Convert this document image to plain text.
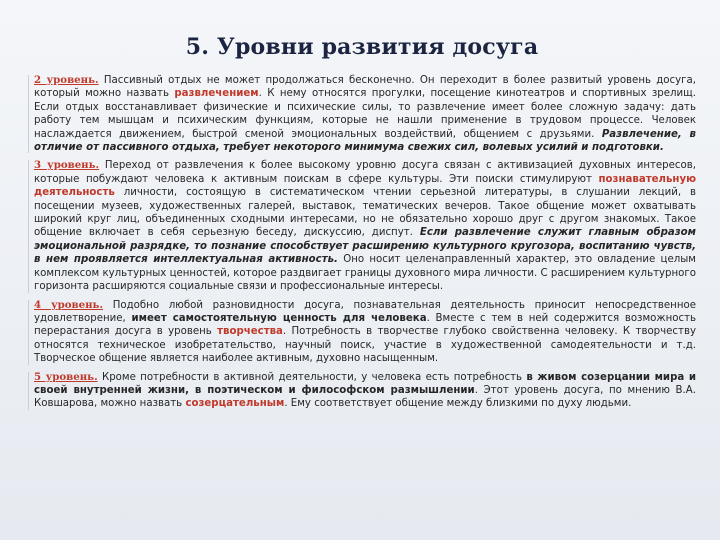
5. Уровни развития досуга

2 уровень. Пассивный отдых не может продолжаться бесконечно. Он переходит в более развитый уровень досуга, который можно назвать развлечением. К нему относятся прогулки, посещение кинотеатров и спортивных зрелищ. Если отдых восстанавливает физические и психические силы, то развлечение имеет более сложную задачу: дать работу тем мышцам и психическим функциям, которые не нашли применение в трудовом процессе. Человек наслаждается движением, быстрой сменой эмоциональных воздействий, общением с друзьями. Развлечение, в отличие от пассивного отдыха, требует некоторого минимума свежих сил, волевых усилий и подготовки.

3 уровень. Переход от развлечения к более высокому уровню досуга связан с активизацией духовных интересов, которые побуждают человека к активным поискам в сфере культуры. Эти поиски стимулируют познавательную деятельность личности, состоящую в систематическом чтении серьезной литературы, в слушании лекций, в посещении музеев, художественных галерей, выставок, тематических вечеров. Такое общение может охватывать широкий круг лиц, объединенных сходными интересами, но не обязательно хорошо друг с другом знакомых. Такое общение включает в себя серьезную беседу, дискуссию, диспут. Если развлечение служит главным образом эмоциональной разрядке, то познание способствует расширению культурного кругозора, воспитанию чувств, в нем проявляется интеллектуальная активность. Оно носит целенаправленный характер, это овладение целым комплексом культурных ценностей, которое раздвигает границы духовного мира личности. С расширением культурного горизонта расширяются социальные связи и профессиональные интересы.

4 уровень. Подобно любой разновидности досуга, познавательная деятельность приносит непосредственное удовлетворение, имеет самостоятельную ценность для человека. Вместе с тем в ней содержится возможность перерастания досуга в уровень творчества. Потребность в творчестве глубоко свойственна человеку. К творчеству относятся техническое изобретательство, научный поиск, участие в художественной самодеятельности и т.д. Творческое общение является наиболее активным, духовно насыщенным.

5 уровень. Кроме потребности в активной деятельности, у человека есть потребность в живом созерцании мира и своей внутренней жизни, в поэтическом и философском размышлении. Этот уровень досуга, по мнению В.А. Ковшарова, можно назвать созерцательным. Ему соответствует общение между близкими по духу людьми.
